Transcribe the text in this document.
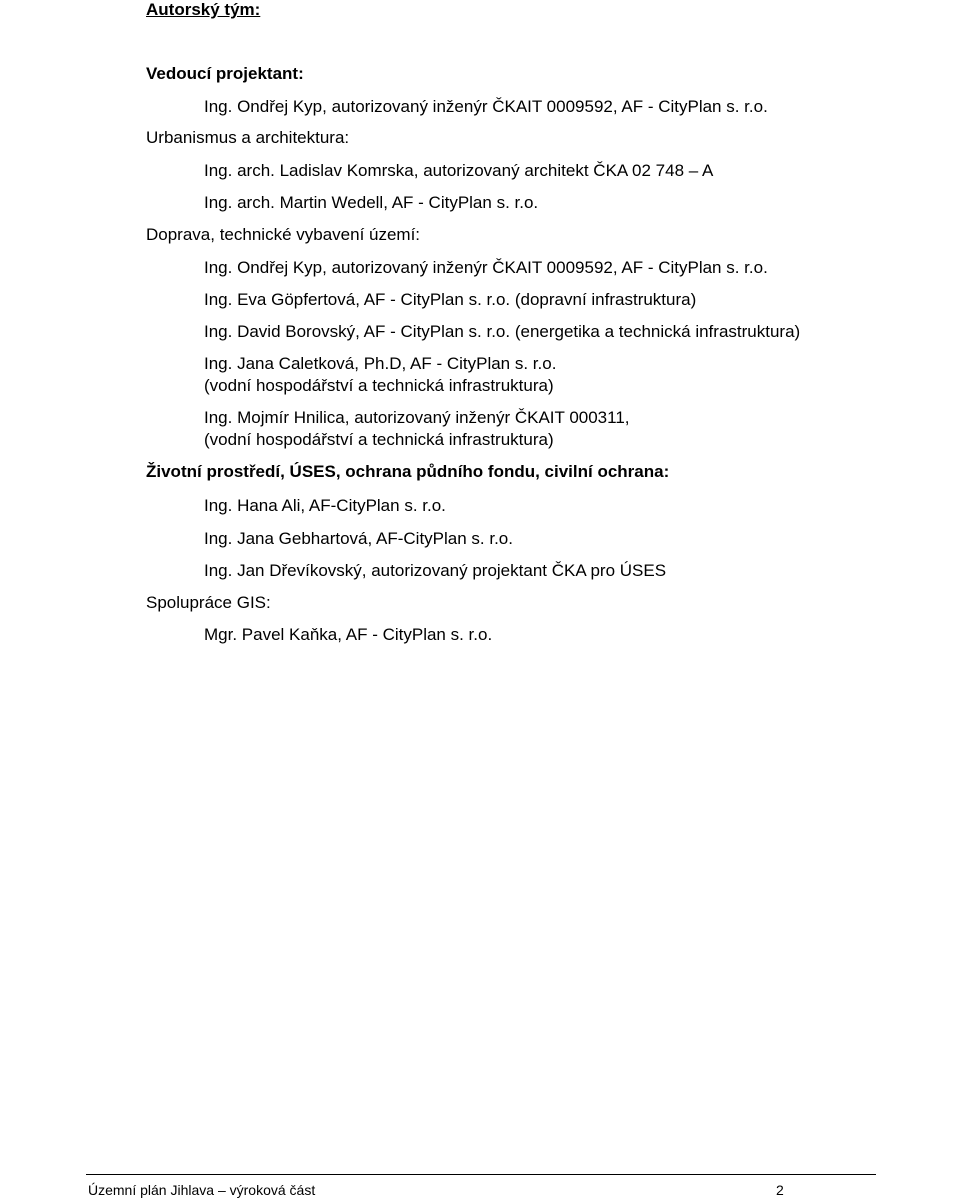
Autorský tým:
Vedoucí projektant:
Ing. Ondřej Kyp, autorizovaný inženýr ČKAIT 0009592, AF - CityPlan s. r.o.
Urbanismus a architektura:
Ing. arch. Ladislav Komrska, autorizovaný architekt ČKA 02 748 – A
Ing. arch. Martin Wedell, AF - CityPlan s. r.o.
Doprava, technické vybavení území:
Ing. Ondřej Kyp, autorizovaný inženýr ČKAIT 0009592, AF - CityPlan s. r.o.
Ing. Eva Göpfertová, AF - CityPlan s. r.o. (dopravní infrastruktura)
Ing. David Borovský, AF - CityPlan s. r.o. (energetika a technická infrastruktura)
Ing. Jana Caletková, Ph.D, AF - CityPlan s. r.o.
(vodní hospodářství a technická infrastruktura)
Ing. Mojmír Hnilica, autorizovaný inženýr ČKAIT 000311,
(vodní hospodářství a technická infrastruktura)
Životní prostředí, ÚSES, ochrana půdního fondu, civilní ochrana:
Ing. Hana Ali, AF-CityPlan s. r.o.
Ing. Jana Gebhartová, AF-CityPlan s. r.o.
Ing. Jan Dřevíkovský, autorizovaný projektant ČKA pro ÚSES
Spolupráce GIS:
Mgr. Pavel Kaňka, AF - CityPlan s. r.o.
Územní plán Jihlava – výroková část	2
